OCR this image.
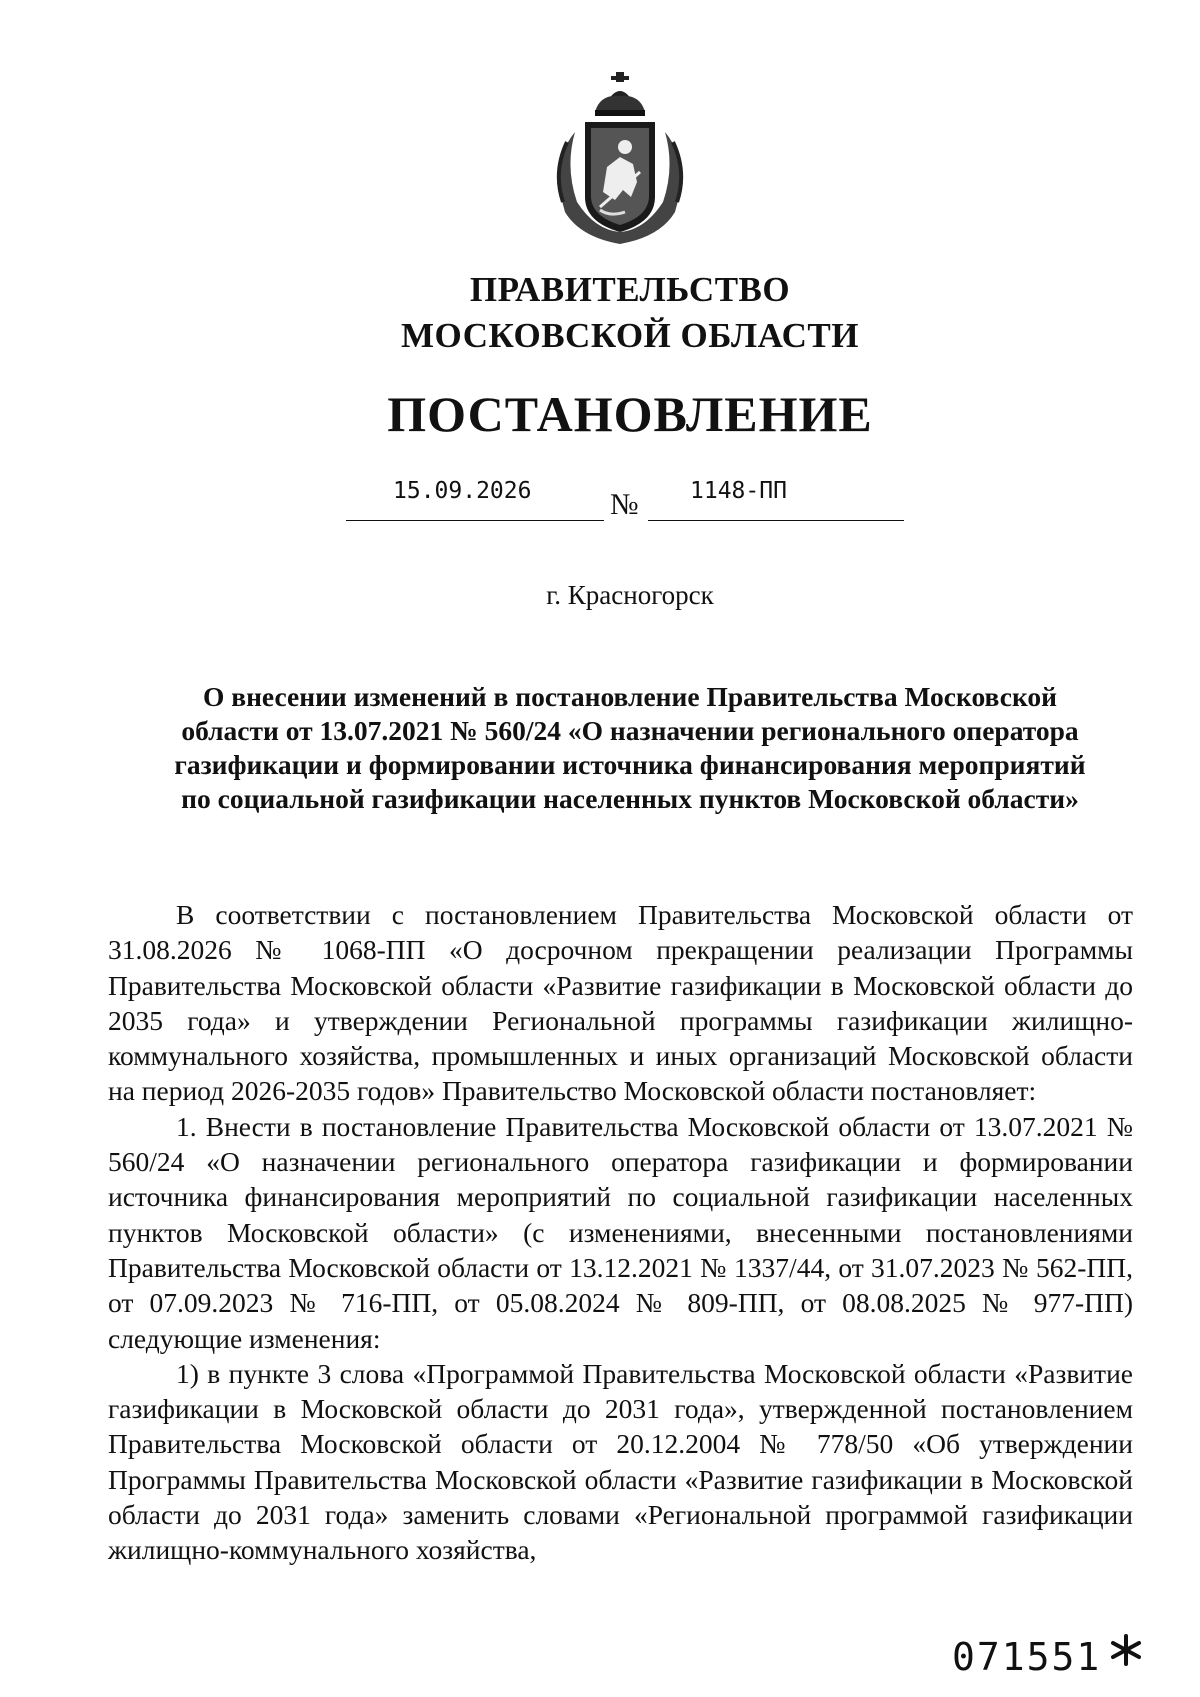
ПРАВИТЕЛЬСТВО
МОСКОВСКОЙ ОБЛАСТИ
ПОСТАНОВЛЕНИЕ
15.09.2026	№ 1148-ПП
г. Красногорск
О внесении изменений в постановление Правительства Московской области от 13.07.2021 № 560/24 «О назначении регионального оператора газификации и формировании источника финансирования мероприятий по социальной газификации населенных пунктов Московской области»

В соответствии с постановлением Правительства Московской области от 31.08.2026 № 1068-ПП «О досрочном прекращении реализации Программы Правительства Московской области «Развитие газификации в Московской области до 2035 года» и утверждении Региональной программы газификации жилищно-коммунального хозяйства, промышленных и иных организаций Московской области на период 2026-2035 годов» Правительство Московской области постановляет:

1. Внести в постановление Правительства Московской области от 13.07.2021 № 560/24 «О назначении регионального оператора газификации и формировании источника финансирования мероприятий по социальной газификации населенных пунктов Московской области» (с изменениями, внесенными постановлениями Правительства Московской области от 13.12.2021 № 1337/44, от 31.07.2023 № 562-ПП, от 07.09.2023 № 716-ПП, от 05.08.2024 № 809-ПП, от 08.08.2025 № 977-ПП) следующие изменения:

1) в пункте 3 слова «Программой Правительства Московской области «Развитие газификации в Московской области до 2031 года», утвержденной постановлением Правительства Московской области от 20.12.2004 № 778/50 «Об утверждении Программы Правительства Московской области «Развитие газификации в Московской области до 2031 года» заменить словами «Региональной программой газификации жилищно-коммунального хозяйства,

071551
